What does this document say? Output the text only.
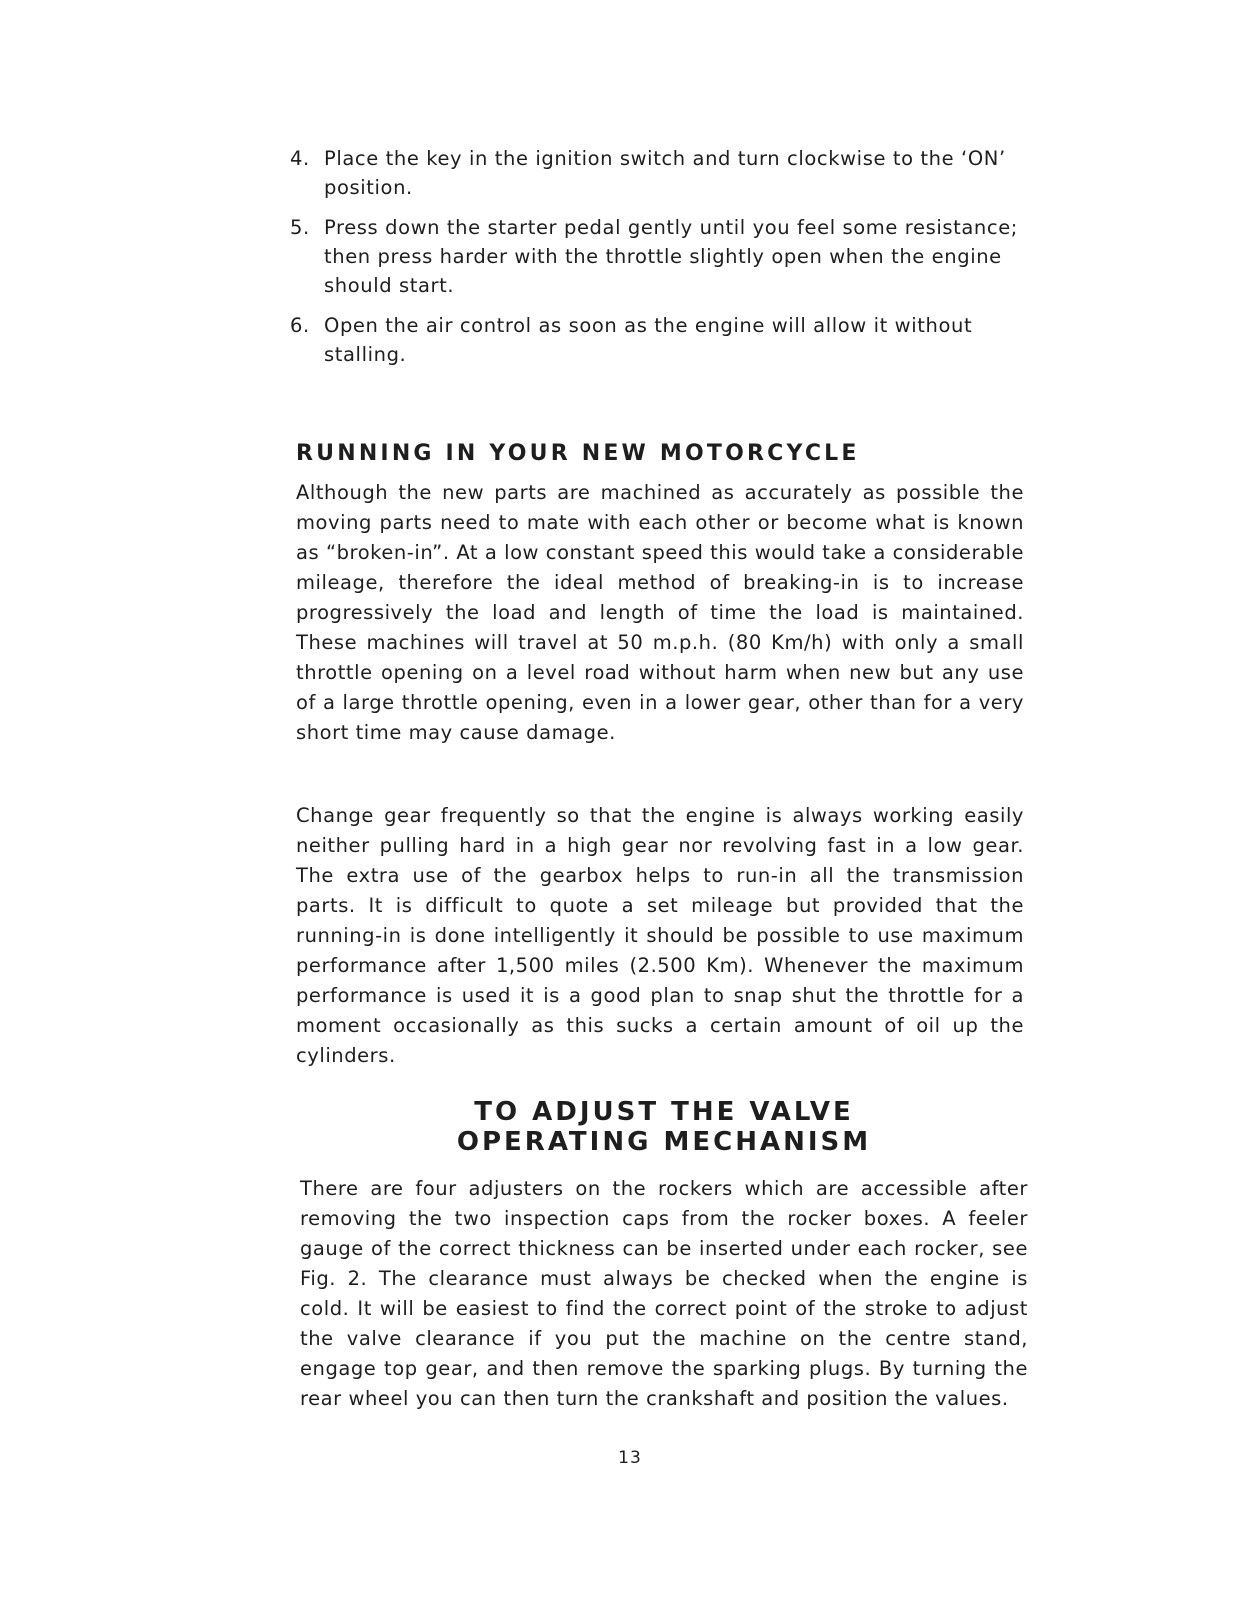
4. Place the key in the ignition switch and turn clockwise to the ‘ON’ position.
5. Press down the starter pedal gently until you feel some resistance; then press harder with the throttle slightly open when the engine should start.
6. Open the air control as soon as the engine will allow it without stalling.
RUNNING IN YOUR NEW MOTORCYCLE

Although the new parts are machined as accurately as possible the moving parts need to mate with each other or become what is known as “broken-in”. At a low constant speed this would take a considerable mileage, therefore the ideal method of breaking-in is to increase progressively the load and length of time the load is maintained. These machines will travel at 50 m.p.h. (80 Km/h) with only a small throttle opening on a level road without harm when new but any use of a large throttle opening, even in a lower gear, other than for a very short time may cause damage.

Change gear frequently so that the engine is always working easily neither pulling hard in a high gear nor revolving fast in a low gear. The extra use of the gearbox helps to run-in all the transmission parts. It is difficult to quote a set mileage but provided that the running-in is done intelligently it should be possible to use maximum performance after 1,500 miles (2.500 Km). Whenever the maximum performance is used it is a good plan to snap shut the throttle for a moment occasionally as this sucks a certain amount of oil up the cylinders.

TO ADJUST THE VALVE
OPERATING MECHANISM

There are four adjusters on the rockers which are accessible after removing the two inspection caps from the rocker boxes. A feeler gauge of the correct thickness can be inserted under each rocker, see Fig. 2. The clearance must always be checked when the engine is cold. It will be easiest to find the correct point of the stroke to adjust the valve clearance if you put the machine on the centre stand, engage top gear, and then remove the sparking plugs. By turning the rear wheel you can then turn the crankshaft and position the values.

13
